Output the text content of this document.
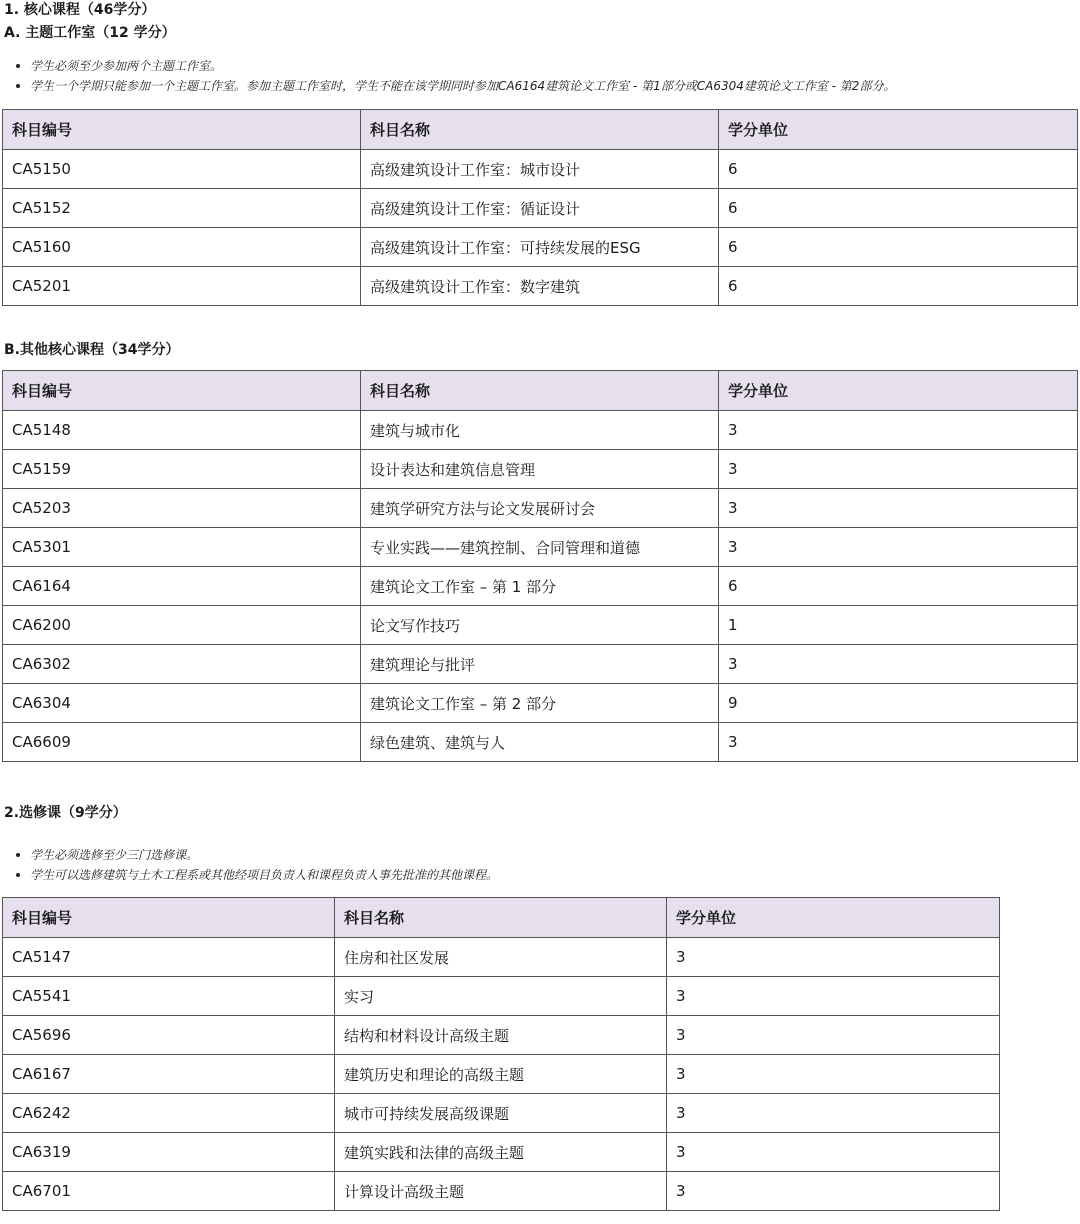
1. 核心课程（46学分）
A. 主题工作室（12 学分）
学生必须至少参加两个主题工作室。
学生一个学期只能参加一个主题工作室。参加主题工作室时，学生不能在该学期同时参加CA6164建筑论文工作室 - 第1部分或CA6304建筑论文工作室 - 第2部分。
科目编号	科目名称	学分单位
CA5150	高级建筑设计工作室：城市设计	6
CA5152	高级建筑设计工作室：循证设计	6
CA5160	高级建筑设计工作室：可持续发展的ESG	6
CA5201	高级建筑设计工作室：数字建筑	6
B.其他核心课程（34学分）
科目编号	科目名称	学分单位
CA5148	建筑与城市化	3
CA5159	设计表达和建筑信息管理	3
CA5203	建筑学研究方法与论文发展研讨会	3
CA5301	专业实践——建筑控制、合同管理和道德	3
CA6164	建筑论文工作室 – 第 1 部分	6
CA6200	论文写作技巧	1
CA6302	建筑理论与批评	3
CA6304	建筑论文工作室 – 第 2 部分	9
CA6609	绿色建筑、建筑与人	3
2.选修课（9学分）
学生必须选修至少三门选修课。
学生可以选修建筑与土木工程系或其他经项目负责人和课程负责人事先批准的其他课程。
科目编号	科目名称	学分单位
CA5147	住房和社区发展	3
CA5541	实习	3
CA5696	结构和材料设计高级主题	3
CA6167	建筑历史和理论的高级主题	3
CA6242	城市可持续发展高级课题	3
CA6319	建筑实践和法律的高级主题	3
CA6701	计算设计高级主题	3
